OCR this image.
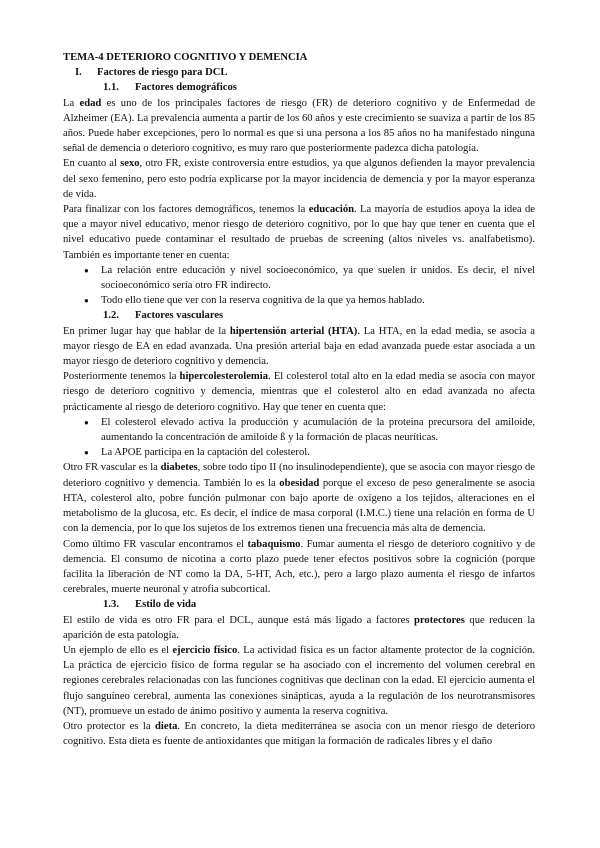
TEMA-4 DETERIORO COGNITIVO Y DEMENCIA
I.	Factores de riesgo para DCL
1.1.	Factores demográficos

La edad es uno de los principales factores de riesgo (FR) de deterioro cognitivo y de Enfermedad de Alzheimer (EA). La prevalencia aumenta a partir de los 60 años y este crecimiento se suaviza a partir de los 85 años. Puede haber excepciones, pero lo normal es que si una persona a los 85 años no ha manifestado ninguna señal de demencia o deterioro cognitivo, es muy raro que posteriormente padezca dicha patología.

En cuanto al sexo, otro FR, existe controversia entre estudios, ya que algunos defienden la mayor prevalencia del sexo femenino, pero esto podría explicarse por la mayor incidencia de demencia y por la mayor esperanza de vida.

Para finalizar con los factores demográficos, tenemos la educación. La mayoría de estudios apoya la idea de que a mayor nivel educativo, menor riesgo de deterioro cognitivo, por lo que hay que tener en cuenta que el nivel educativo puede contaminar el resultado de pruebas de screening (altos niveles vs. analfabetismo). También es importante tener en cuenta:

● La relación entre educación y nivel socioeconómico, ya que suelen ir unidos. Es decir, el nivel socioeconómico sería otro FR indirecto.
● Todo ello tiene que ver con la reserva cognitiva de la que ya hemos hablado.
1.2.	Factores vasculares

En primer lugar hay que hablar de la hipertensión arterial (HTA). La HTA, en la edad media, se asocia a mayor riesgo de EA en edad avanzada. Una presión arterial baja en edad avanzada puede estar asociada a un mayor riesgo de deterioro cognitivo y demencia.

Posteriormente tenemos la hipercolesterolemia. El colesterol total alto en la edad media se asocia con mayor riesgo de deterioro cognitivo y demencia, mientras que el colesterol alto en edad avanzada no afecta prácticamente al riesgo de deterioro cognitivo. Hay que tener en cuenta que:

● El colesterol elevado activa la producción y acumulación de la proteína precursora del amiloide, aumentando la concentración de amiloide ß y la formación de placas neuríticas.
● La APOE participa en la captación del colesterol.

Otro FR vascular es la diabetes, sobre todo tipo II (no insulinodependiente), que se asocia con mayor riesgo de deterioro cognitivo y demencia. También lo es la obesidad porque el exceso de peso generalmente se asocia HTA, colesterol alto, pobre función pulmonar con bajo aporte de oxígeno a los tejidos, alteraciones en el metabolismo de la glucosa, etc. Es decir, el índice de masa corporal (I.M.C.) tiene una relación en forma de U con la demencia, por lo que los sujetos de los extremos tienen una frecuencia más alta de demencia.

Como último FR vascular encontramos el tabaquismo. Fumar aumenta el riesgo de deterioro cognitivo y de demencia. El consumo de nicotina a corto plazo puede tener efectos positivos sobre la cognición (porque facilita la liberación de NT como la DA, 5-HT, Ach, etc.), pero a largo plazo aumenta el riesgo de infartos cerebrales, muerte neuronal y atrofia subcortical.

1.3.	Estilo de vida

El estilo de vida es otro FR para el DCL, aunque está más ligado a factores protectores que reducen la aparición de esta patología.

Un ejemplo de ello es el ejercicio físico. La actividad física es un factor altamente protector de la cognición. La práctica de ejercicio físico de forma regular se ha asociado con el incremento del volumen cerebral en regiones cerebrales relacionadas con las funciones cognitivas que declinan con la edad. El ejercicio aumenta el flujo sanguíneo cerebral, aumenta las conexiones sinápticas, ayuda a la regulación de los neurotransmisores (NT), promueve un estado de ánimo positivo y aumenta la reserva cognitiva.

Otro protector es la dieta. En concreto, la dieta mediterránea se asocia con un menor riesgo de deterioro cognitivo. Esta dieta es fuente de antioxidantes que mitigan la formación de radicales libres y el daño
